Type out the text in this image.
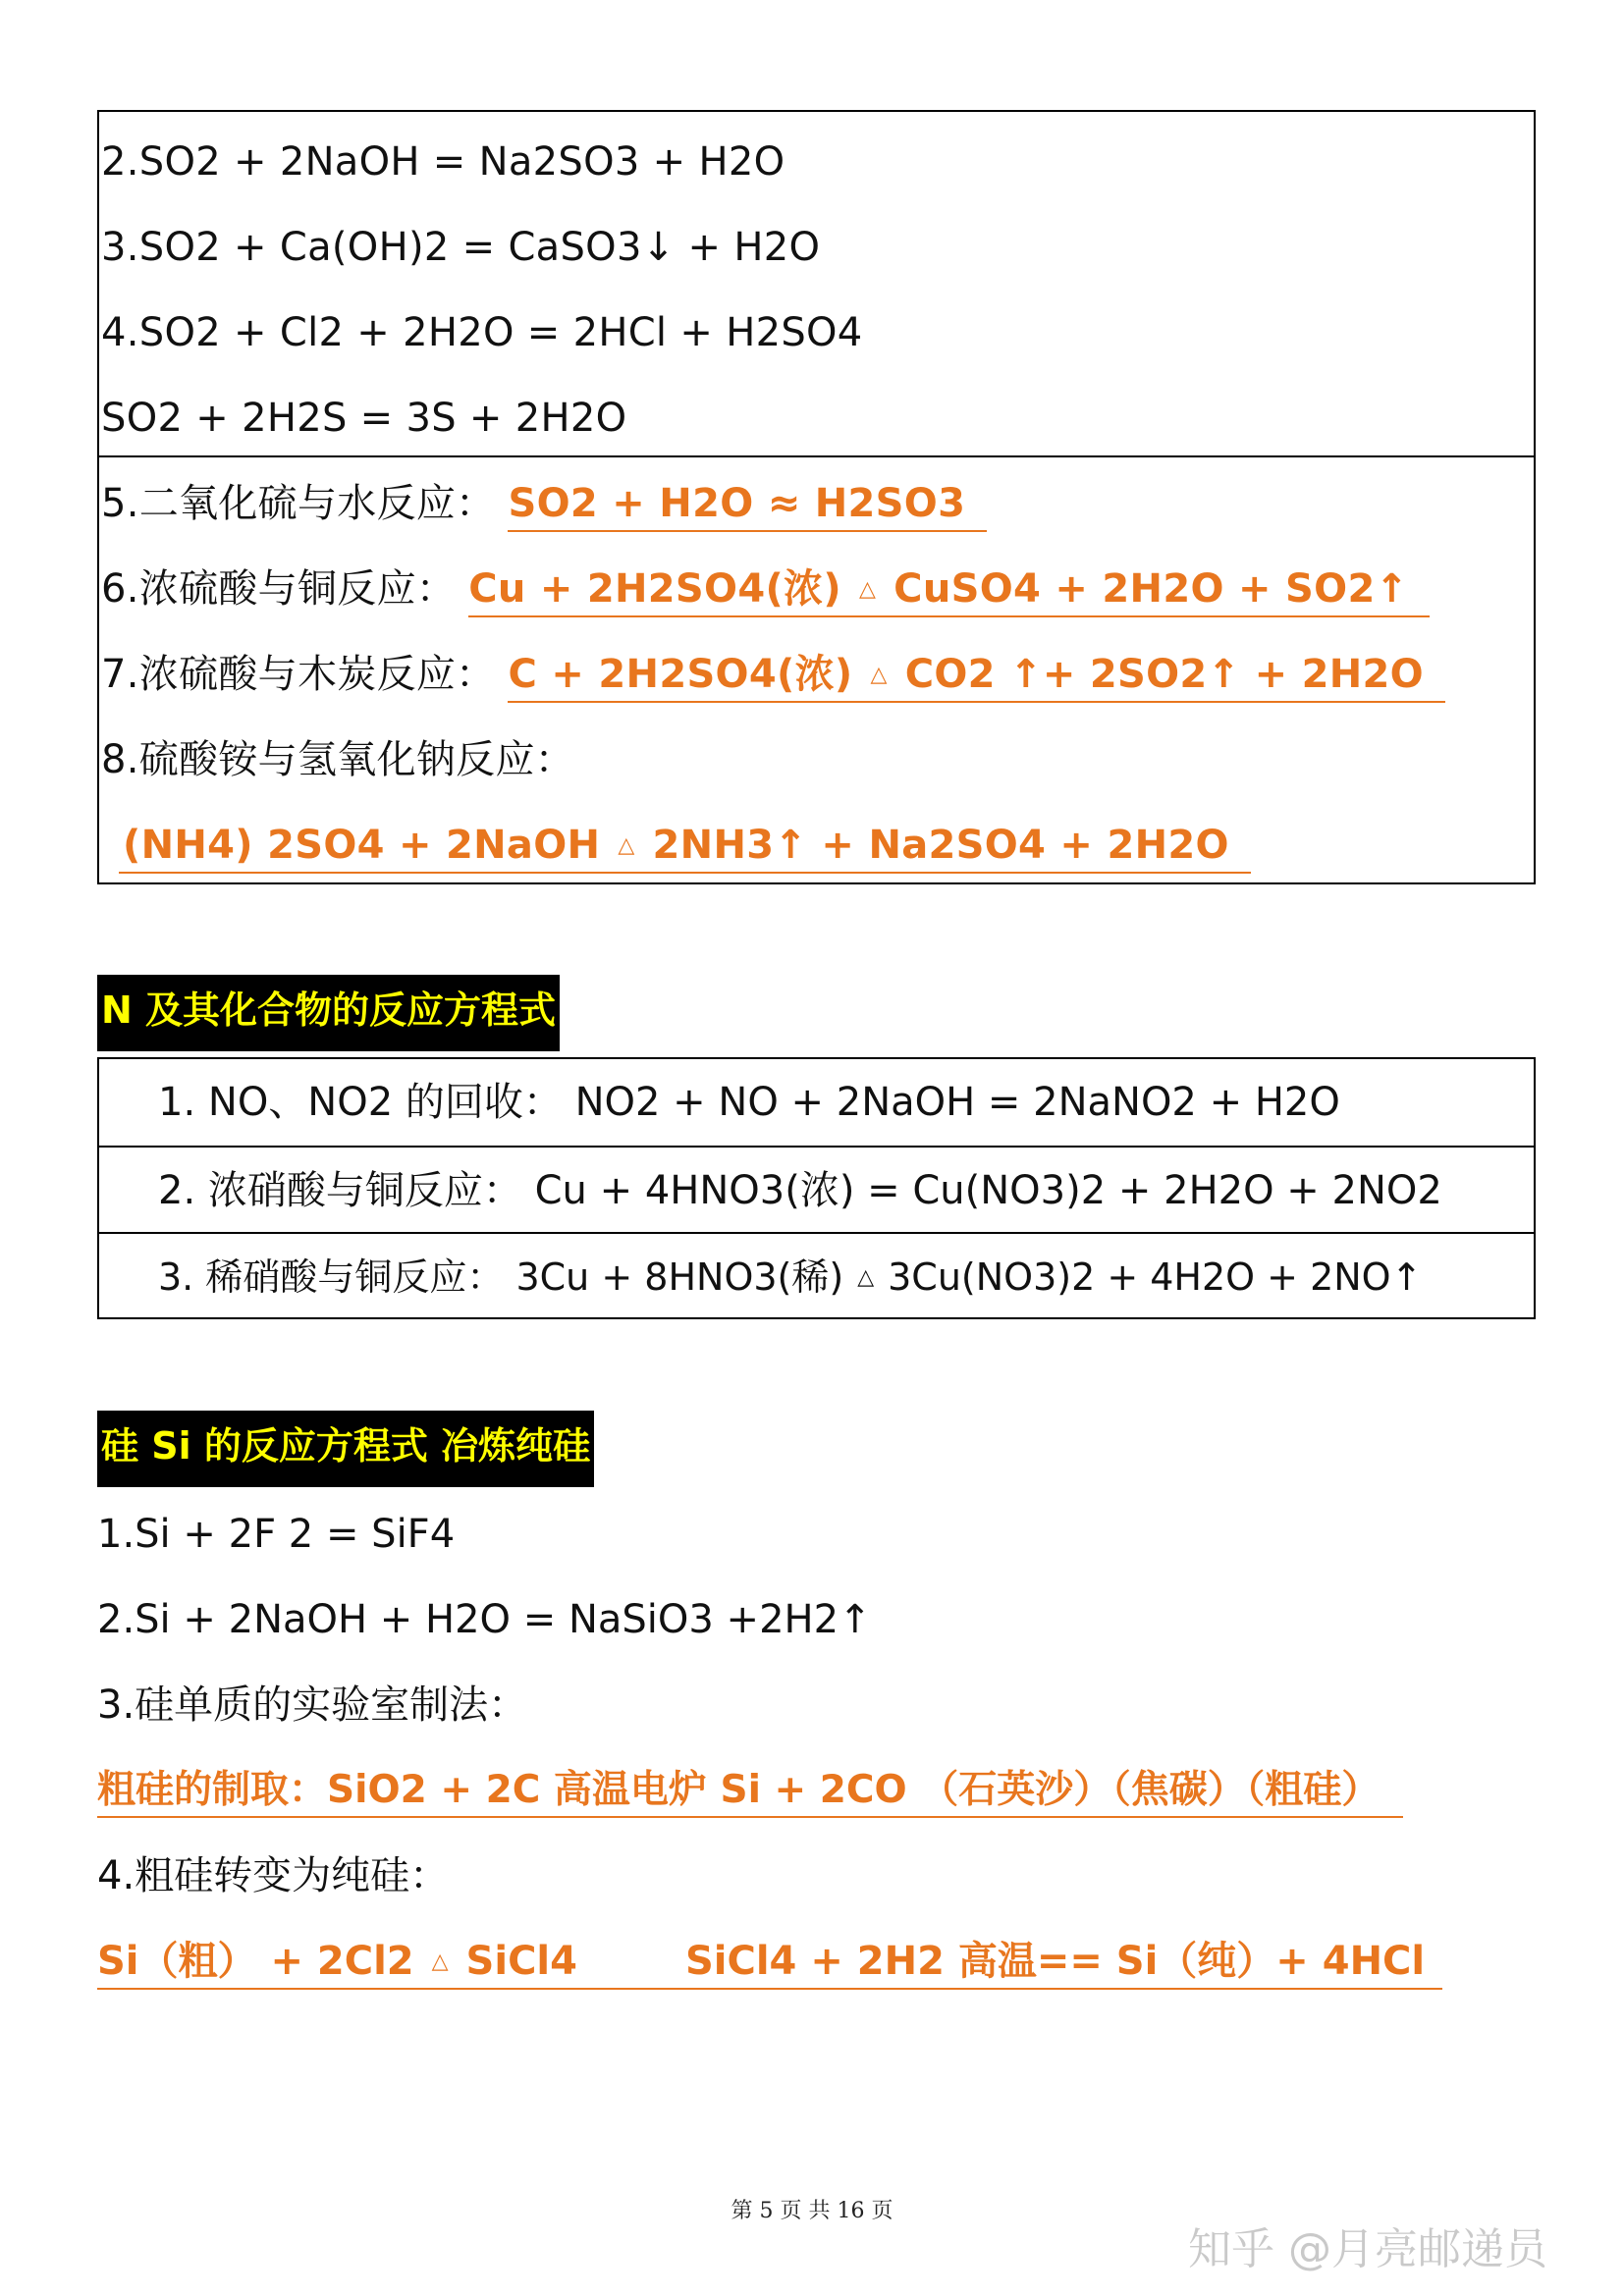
2.SO2 + 2NaOH = Na2SO3 + H2O
3.SO2 + Ca(OH)2 = CaSO3↓ + H2O
4.SO2 + Cl2 + 2H2O = 2HCl + H2SO4
SO2 + 2H2S = 3S + 2H2O
5.二氧化硫与水反应： SO2 + H2O ≈ H2SO3
6.浓硫酸与铜反应： Cu + 2H2SO4(浓) △ CuSO4 + 2H2O + SO2↑
7.浓硫酸与木炭反应： C + 2H2SO4(浓) △ CO2 ↑+ 2SO2↑ + 2H2O
8.硫酸铵与氢氧化钠反应：
(NH4) 2SO4 + 2NaOH △ 2NH3↑ + Na2SO4 + 2H2O
N 及其化合物的反应方程式
1. NO、NO2 的回收： NO2 + NO + 2NaOH = 2NaNO2 + H2O
2. 浓硝酸与铜反应： Cu + 4HNO3(浓) = Cu(NO3)2 + 2H2O + 2NO2
3. 稀硝酸与铜反应： 3Cu + 8HNO3(稀) △ 3Cu(NO3)2 + 4H2O + 2NO↑
硅 Si 的反应方程式 冶炼纯硅
1.Si + 2F 2 = SiF4
2.Si + 2NaOH + H2O = NaSiO3 +2H2↑
3.硅单质的实验室制法：
粗硅的制取：SiO2 + 2C 高温电炉 Si + 2CO （石英沙）（焦碳）（粗硅）
4.粗硅转变为纯硅：
Si（粗） + 2Cl2 △ SiCl4	SiCl4 + 2H2 高温== Si（纯）+ 4HCl
第 5 页 共 16 页
知乎 @月亮邮递员
